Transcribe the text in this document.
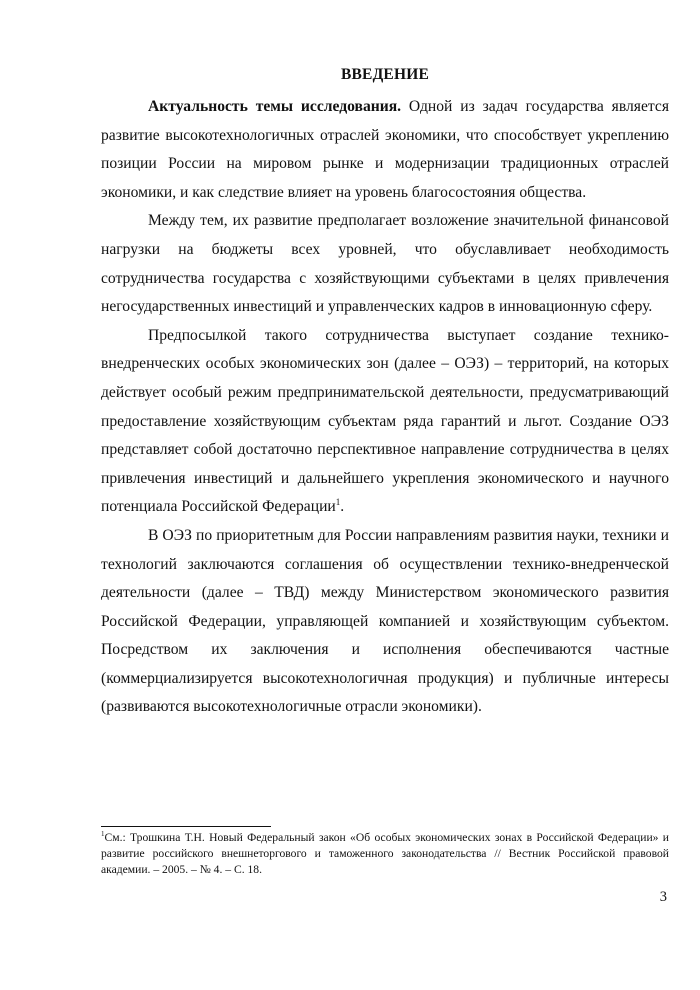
ВВЕДЕНИЕ

Актуальность темы исследования. Одной из задач государства является развитие высокотехнологичных отраслей экономики, что способствует укреплению позиции России на мировом рынке и модернизации традиционных отраслей экономики, и как следствие влияет на уровень благосостояния общества.

Между тем, их развитие предполагает возложение значительной финансовой нагрузки на бюджеты всех уровней, что обуславливает необходимость сотрудничества государства с хозяйствующими субъектами в целях привлечения негосударственных инвестиций и управленческих кадров в инновационную сферу.

Предпосылкой такого сотрудничества выступает создание технико-внедренческих особых экономических зон (далее – ОЭЗ) – территорий, на которых действует особый режим предпринимательской деятельности, предусматривающий предоставление хозяйствующим субъектам ряда гарантий и льгот. Создание ОЭЗ представляет собой достаточно перспективное направление сотрудничества в целях привлечения инвестиций и дальнейшего укрепления экономического и научного потенциала Российской Федерации$^1$.

В ОЭЗ по приоритетным для России направлениям развития науки, техники и технологий заключаются соглашения об осуществлении технико-внедренческой деятельности (далее – ТВД) между Министерством экономического развития Российской Федерации, управляющей компанией и хозяйствующим субъектом. Посредством их заключения и исполнения обеспечиваются частные (коммерциализируется высокотехнологичная продукция) и публичные интересы (развиваются высокотехнологичные отрасли экономики).

$^1$См.: Трошкина Т.Н. Новый Федеральный закон «Об особых экономических зонах в Российской Федерации» и развитие российского внешнеторгового и таможенного законодательства // Вестник Российской правовой академии. – 2005. – № 4. – С. 18.

3
